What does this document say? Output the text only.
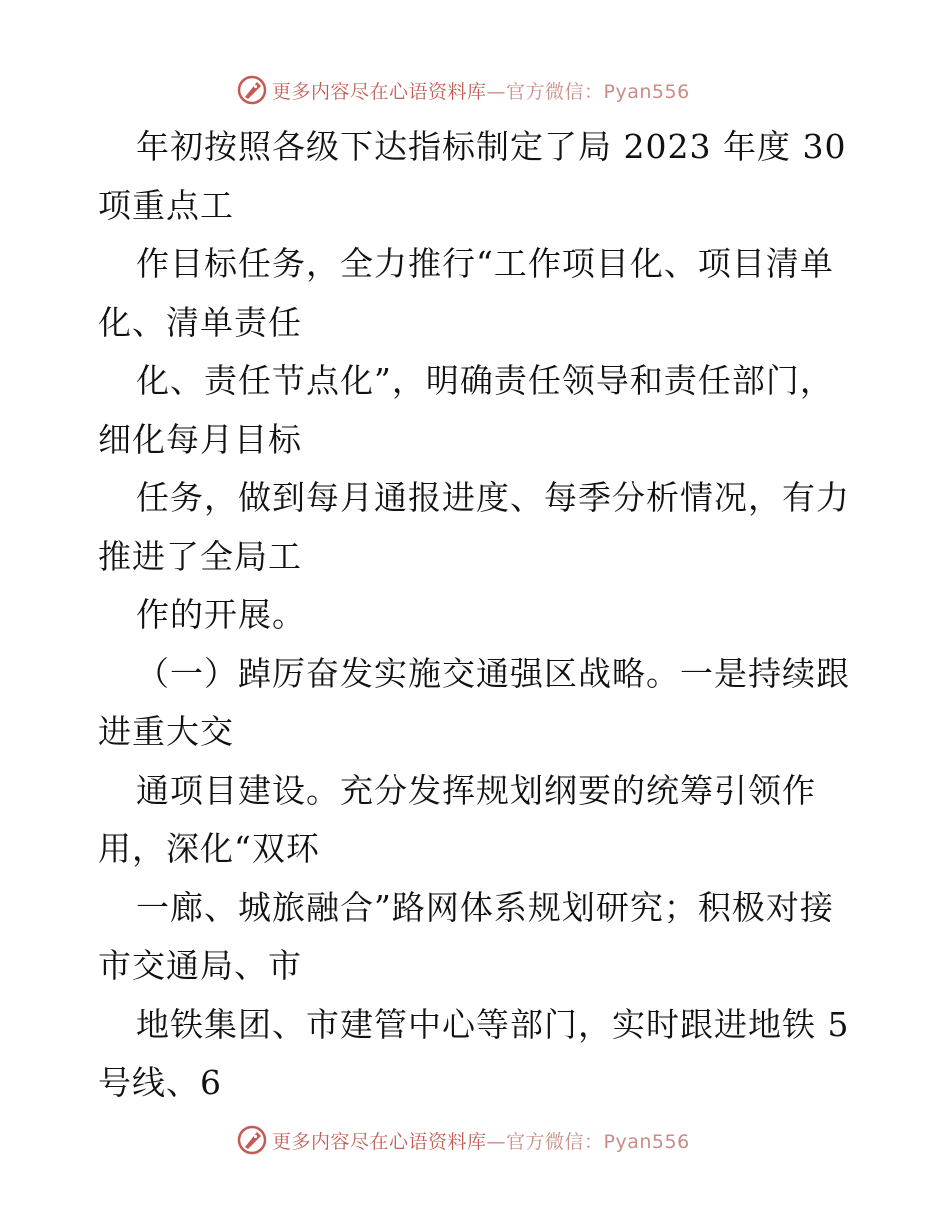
更多内容尽在心语资料库—官方微信：Pyan556
年初按照各级下达指标制定了局 2023 年度 30
项重点工
作目标任务，全力推行“工作项目化、项目清单
化、清单责任
化、责任节点化”，明确责任领导和责任部门，
细化每月目标
任务，做到每月通报进度、每季分析情况，有力
推进了全局工
作的开展。
（一）踔厉奋发实施交通强区战略。一是持续跟
进重大交
通项目建设。充分发挥规划纲要的统筹引领作
用，深化“双环
一廊、城旅融合”路网体系规划研究；积极对接
市交通局、市
地铁集团、市建管中心等部门，实时跟进地铁 5
号线、6
更多内容尽在心语资料库—官方微信：Pyan556
